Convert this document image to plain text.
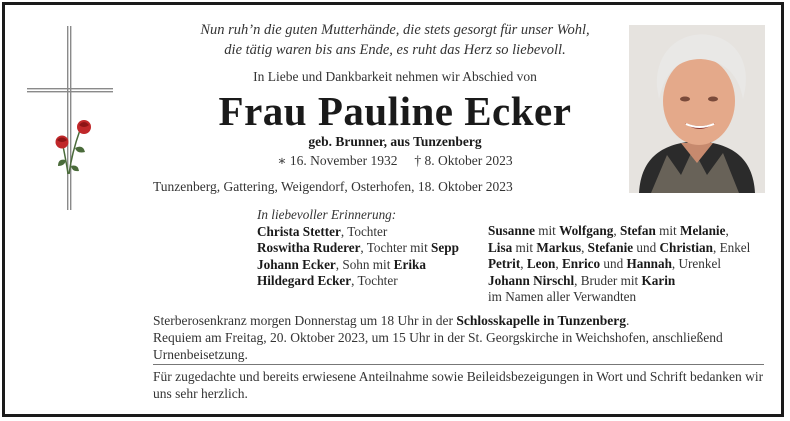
Nun ruh’n die guten Mutterhände, die stets gesorgt für unser Wohl,
die tätig waren bis ans Ende, es ruht das Herz so liebevoll.
In Liebe und Dankbarkeit nehmen wir Abschied von
Frau Pauline Ecker
geb. Brunner, aus Tunzenberg
∗ 16. November 1932 † 8. Oktober 2023
Tunzenberg, Gattering, Weigendorf, Osterhofen, 18. Oktober 2023
In liebevoller Erinnerung:
Christa Stetter, Tochter
Roswitha Ruderer, Tochter mit Sepp
Johann Ecker, Sohn mit Erika
Hildegard Ecker, Tochter
Susanne mit Wolfgang, Stefan mit Melanie,
Lisa mit Markus, Stefanie und Christian, Enkel
Petrit, Leon, Enrico und Hannah, Urenkel
Johann Nirschl, Bruder mit Karin
im Namen aller Verwandten
Sterberosenkranz morgen Donnerstag um 18 Uhr in der Schlosskapelle in Tunzenberg.
Requiem am Freitag, 20. Oktober 2023, um 15 Uhr in der St. Georgskirche in Weichshofen, anschließend
Urnenbeisetzung.
Für zugedachte und bereits erwiesene Anteilnahme sowie Beileidsbezeigungen in Wort und Schrift bedanken wir
uns sehr herzlich.
